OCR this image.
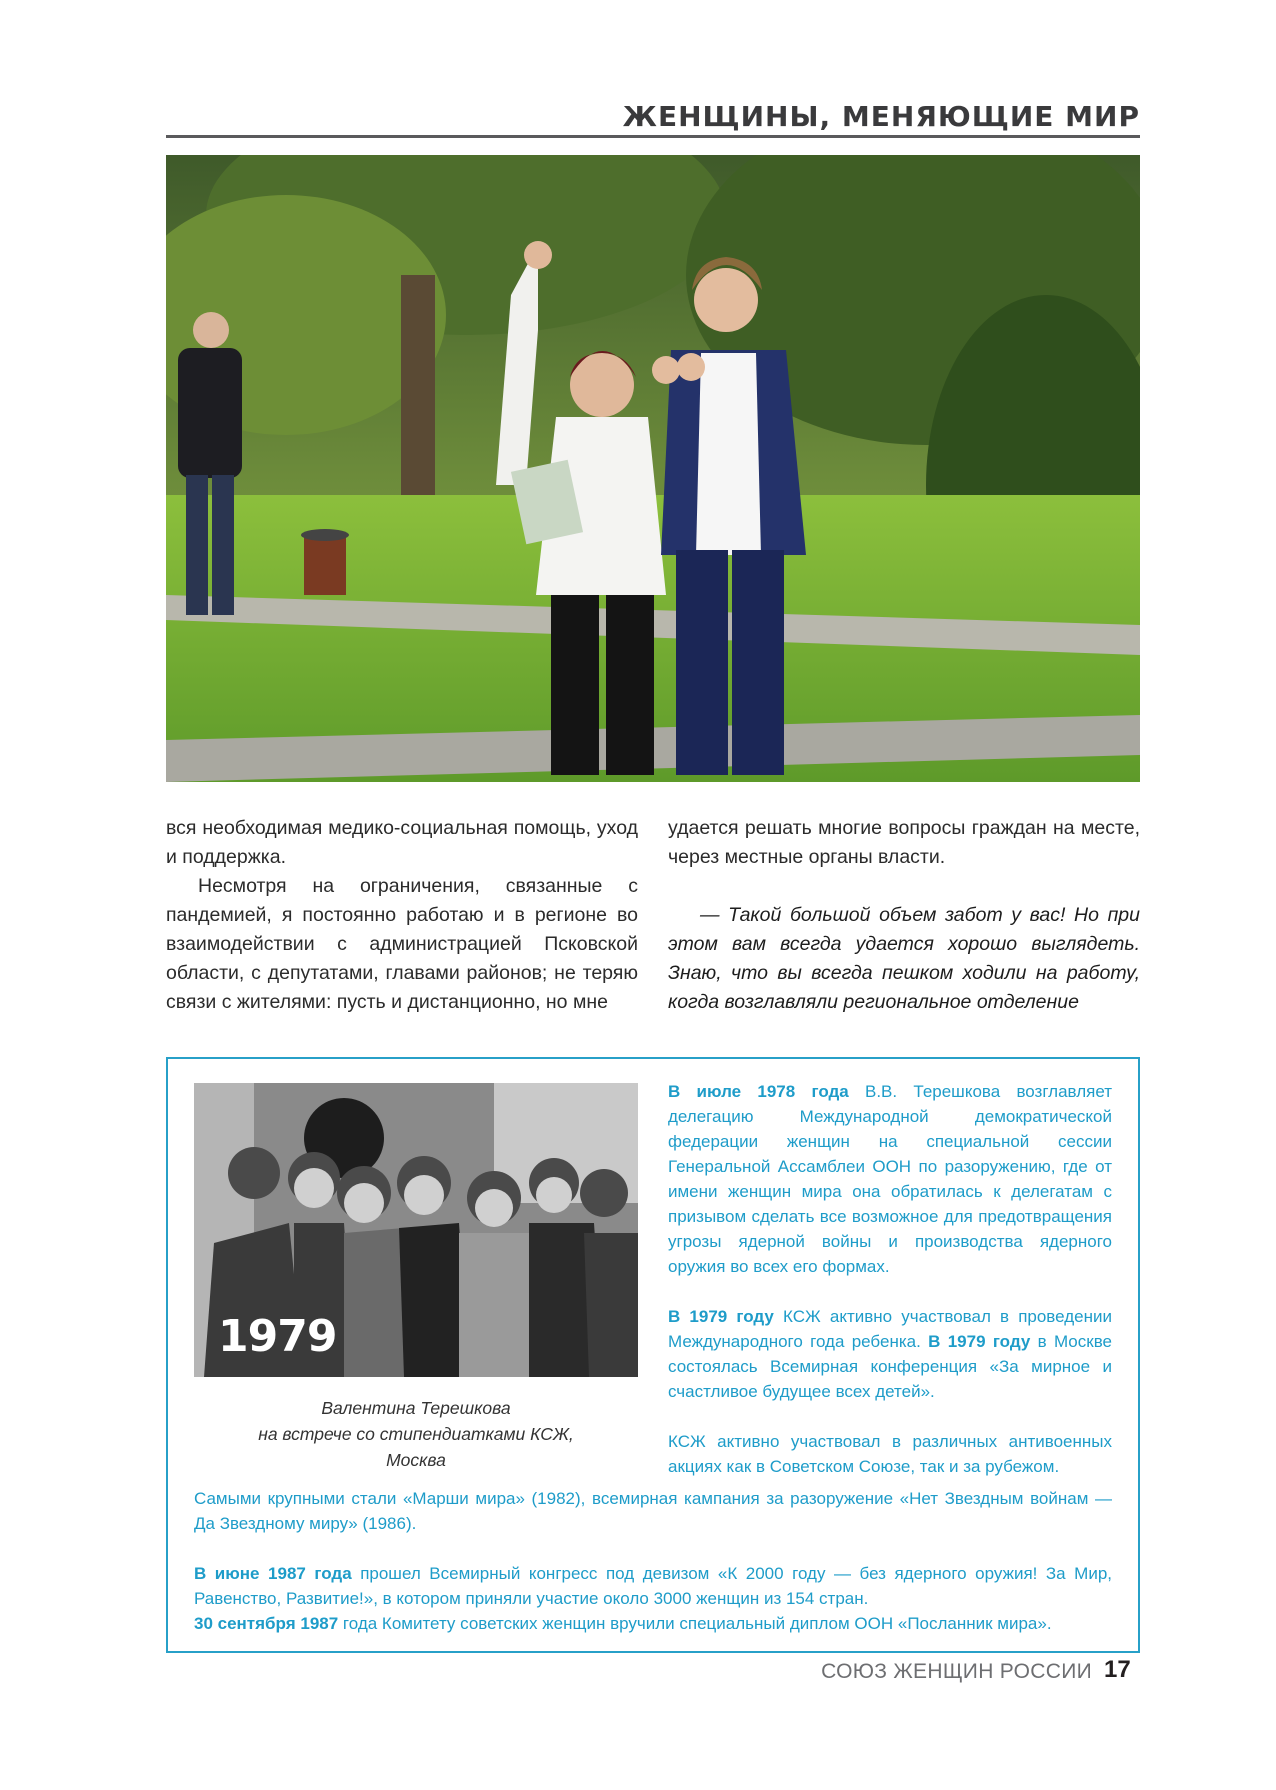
ЖЕНЩИНЫ, МЕНЯЮЩИЕ МИР

вся необходимая медико-социальная помощь, уход и поддержка.

Несмотря на ограничения, связанные с пандемией, я постоянно работаю и в регионе во взаимодействии с администрацией Псковской области, с депутатами, главами районов; не теряю связи с жителями: пусть и дистанционно, но мне

удается решать многие вопросы граждан на месте, через местные органы власти.

— Такой большой объем забот у вас! Но при этом вам всегда удается хорошо выглядеть. Знаю, что вы всегда пешком ходили на работу, когда возглавляли региональное отделение

1979
Валентина Терешкова
на встрече со стипендиатками КСЖ,
Москва

В июле 1978 года В.В. Терешкова возглавляет делегацию Международной демократической федерации женщин на специальной сессии Генеральной Ассамблеи ООН по разоружению, где от имени женщин мира она обратилась к делегатам с призывом сделать все возможное для предотвращения угрозы ядерной войны и производства ядерного оружия во всех его формах.

В 1979 году КСЖ активно участвовал в проведении Международного года ребенка. В 1979 году в Москве состоялась Всемирная конференция «За мирное и счастливое будущее всех детей».

КСЖ активно участвовал в различных антивоенных акциях как в Советском Союзе, так и за рубежом.

Самыми крупными стали «Марши мира» (1982), всемирная кампания за разоружение «Нет Звездным войнам — Да Звездному миру» (1986).

В июне 1987 года прошел Всемирный конгресс под девизом «К 2000 году — без ядерного оружия! За Мир, Равенство, Развитие!», в котором приняли участие около 3000 женщин из 154 стран.

30 сентября 1987 года Комитету советских женщин вручили специальный диплом ООН «Посланник мира».

СОЮЗ ЖЕНЩИН РОССИИ 17
